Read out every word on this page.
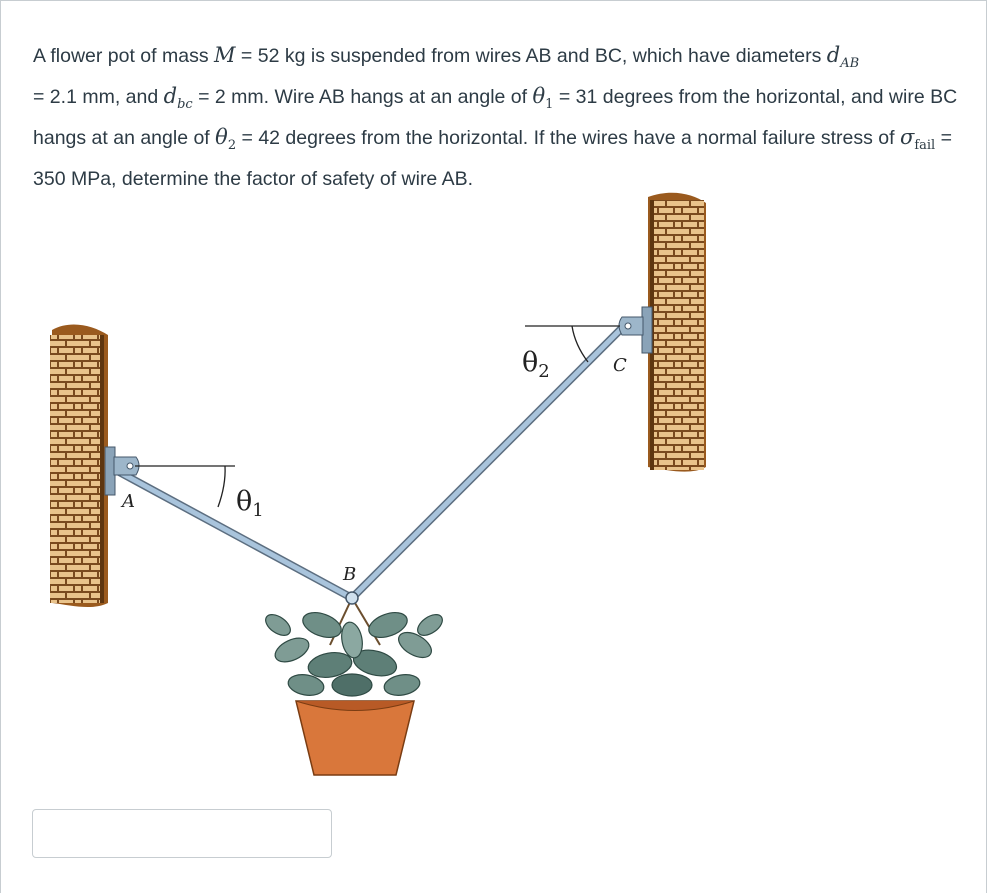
A flower pot of mass M = 52 kg is suspended from wires AB and BC, which have diameters $d_{AB}$
= 2.1 mm, and $d_{bc} = 2$ mm. Wire AB hangs at an angle of $\theta_1 = 31$ degrees from the horizontal, and wire BC hangs at an angle of $\theta_2 = 42$ degrees from the horizontal. If the wires have a normal failure stress of $\sigma_{fail} = 350$ MPa, determine the factor of safety of wire AB.
A
B
C
$\theta_1$
$\theta_2$
